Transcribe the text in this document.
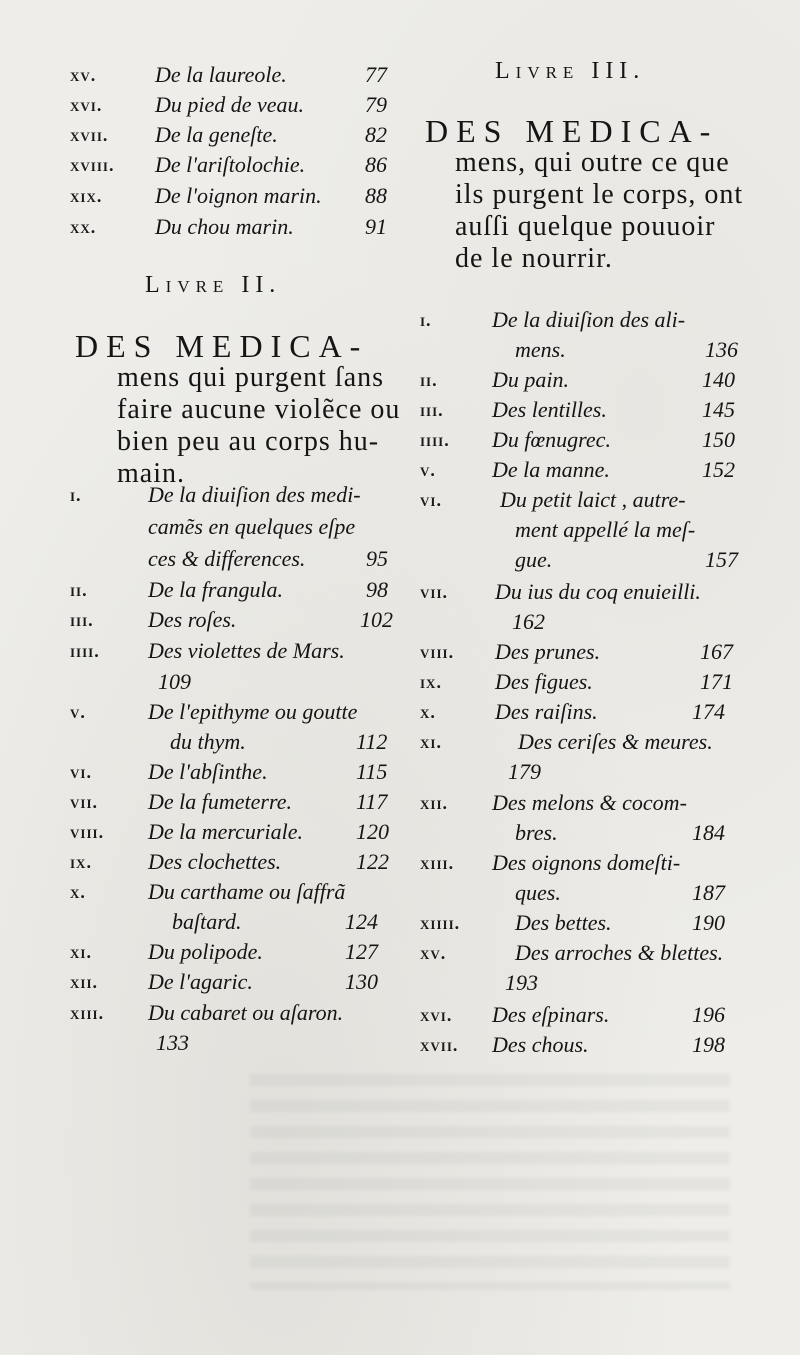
xv.	De la laureole.	77
xvi. Du pied de veau.	79
xvii. De la geneſte.	82
xviii. De l'ariſtolochie.	86
xix. De l'oignon marin. 88
xx.	Du chou marin.	91
Livre II.
DES MEDICA-
mens qui purgent ſans
faire aucune violẽce ou
bien peu au corps hu-
main.
i.	De la diuiſion des medi-
camẽs en quelques eſpe
ces & differences.	95
ii.	De la frangula.	98
iii. Des roſes.	102
iiii. Des violettes de Mars.
109
v.	De l'epithyme ou goutte
du thym.	112
vi.	De l'abſinthe.	115
vii. De la fumeterre.	117
viii. De la mercuriale. 120
ix.	Des clochettes.	122
x.	Du carthame ou ſaffrã
baſtard.	124
xi.	Du polipode.	127
xii. De l'agaric.	130
xiii. Du cabaret ou aſaron.
133
Livre III.
DES MEDICA-
mens, qui outre ce que
ils purgent le corps, ont
auſſi quelque pouuoir
de le nourrir.
i.	De la diuiſion des ali-
mens.	136
ii. Du pain.	140
iii. Des lentilles.	145
iiii. Du fœnugrec.	150
v.	De la manne.	152
vi.	Du petit laict , autre-
ment appellé la meſ-
gue.	157
vii. Du ius du coq enuieilli.
162
viii. Des prunes.	167
ix. Des figues.	171
x.	Des raiſins.	174
xi.	Des ceriſes & meures.
179
xii. Des melons & cocom-
bres.	184
xiii. Des oignons domeſti-
ques.	187
xiiii. Des bettes.	190
xv.	Des arroches & blettes.
193
xvi. Des eſpinars.	196
xvii. Des chous.	198
